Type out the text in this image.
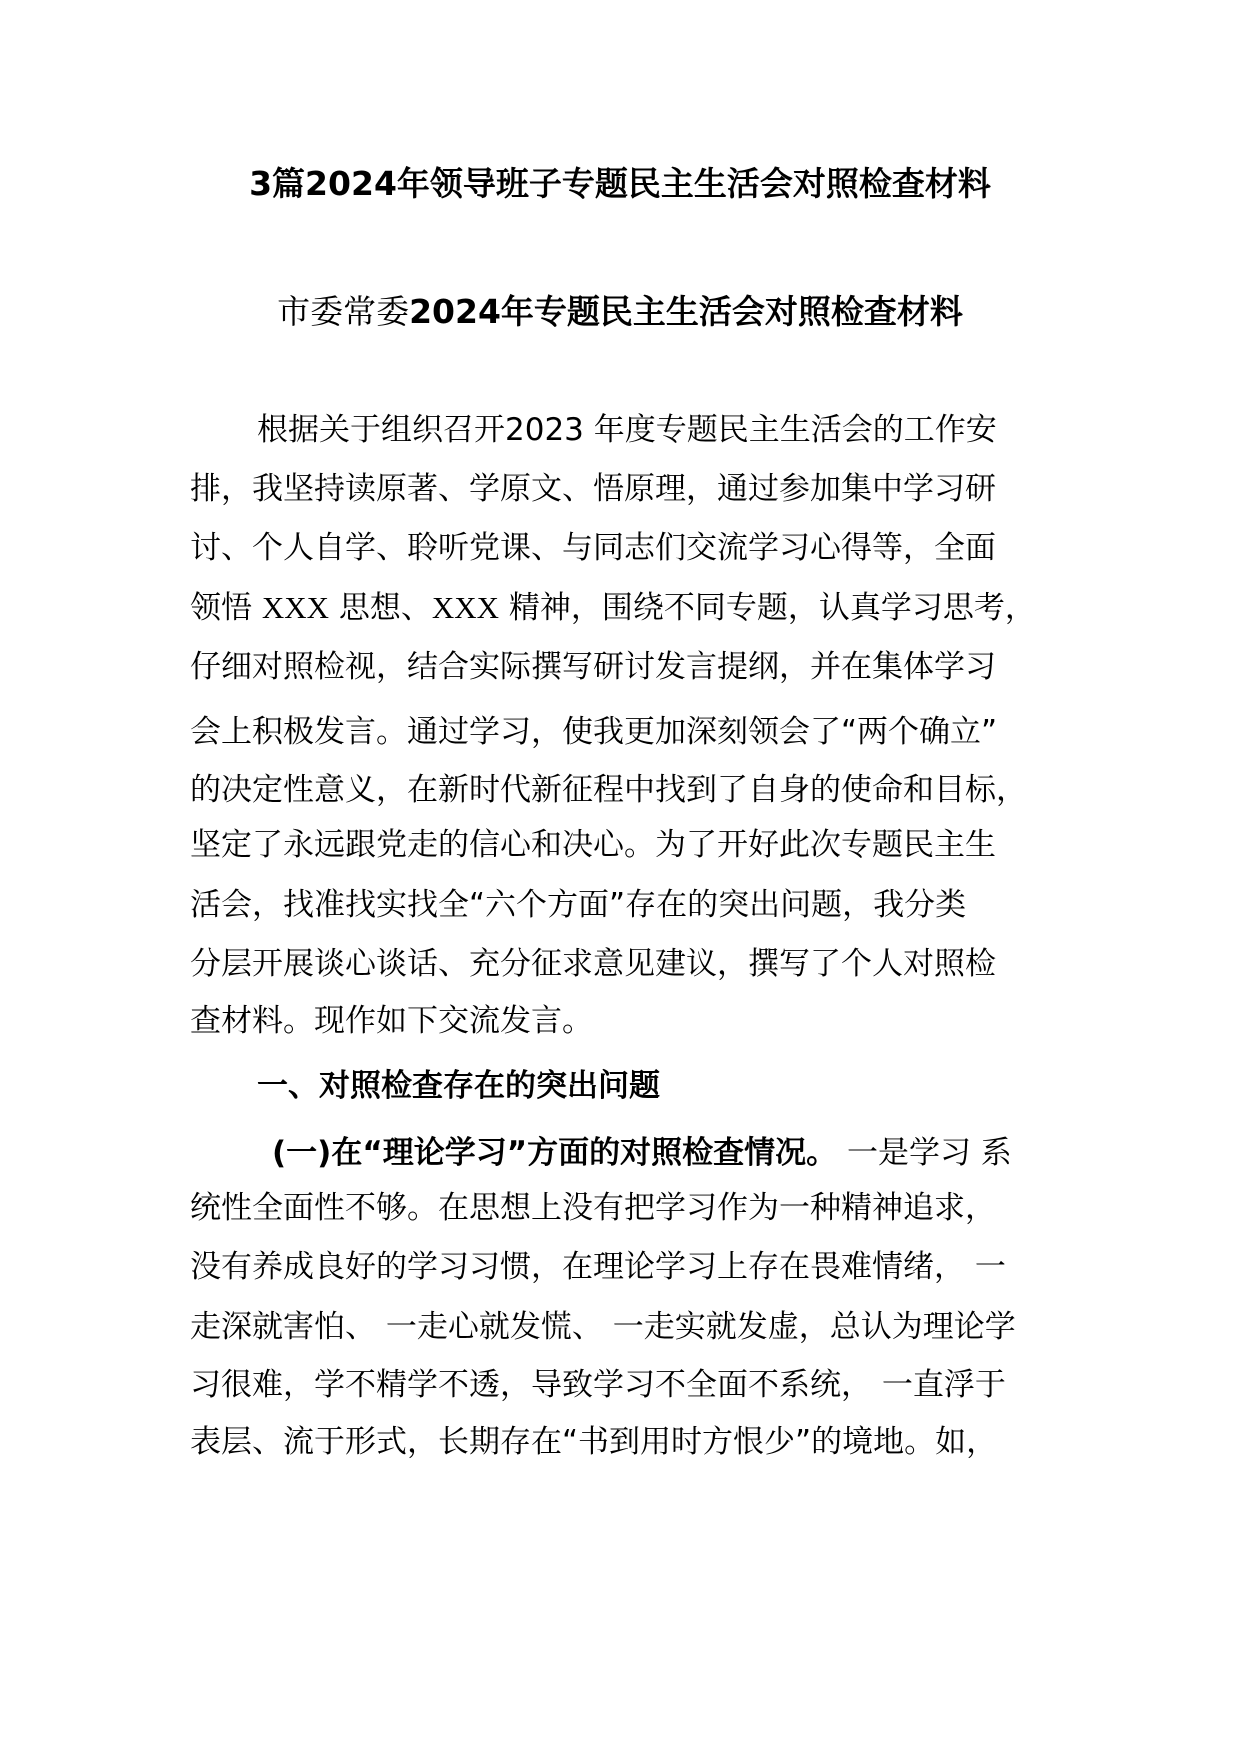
3篇2024年领导班子专题民主生活会对照检查材料
市委常委2024年专题民主生活会对照检查材料
根据关于组织召开2023 年度专题民主生活会的工作安
排，我坚持读原著、学原文、悟原理，通过参加集中学习研
讨、个人自学、聆听党课、与同志们交流学习心得等，全面
领悟 XXX 思想、XXX 精神，围绕不同专题，认真学习思考，
仔细对照检视，结合实际撰写研讨发言提纲，并在集体学习
会上积极发言。通过学习，使我更加深刻领会了“两个确立”
的决定性意义，在新时代新征程中找到了自身的使命和目标，
坚定了永远跟党走的信心和决心。为了开好此次专题民主生
活会，找准找实找全“六个方面”存在的突出问题，我分类
分层开展谈心谈话、充分征求意见建议，撰写了个人对照检
查材料。现作如下交流发言。
一、对照检查存在的突出问题
(一)在“理论学习”方面的对照检查情况。 一是学习 系
统性全面性不够。在思想上没有把学习作为一种精神追求，
没有养成良好的学习习惯，在理论学习上存在畏难情绪， 一
走深就害怕、 一走心就发慌、 一走实就发虚，总认为理论学
习很难，学不精学不透，导致学习不全面不系统， 一直浮于
表层、流于形式，长期存在“书到用时方恨少”的境地。如，
